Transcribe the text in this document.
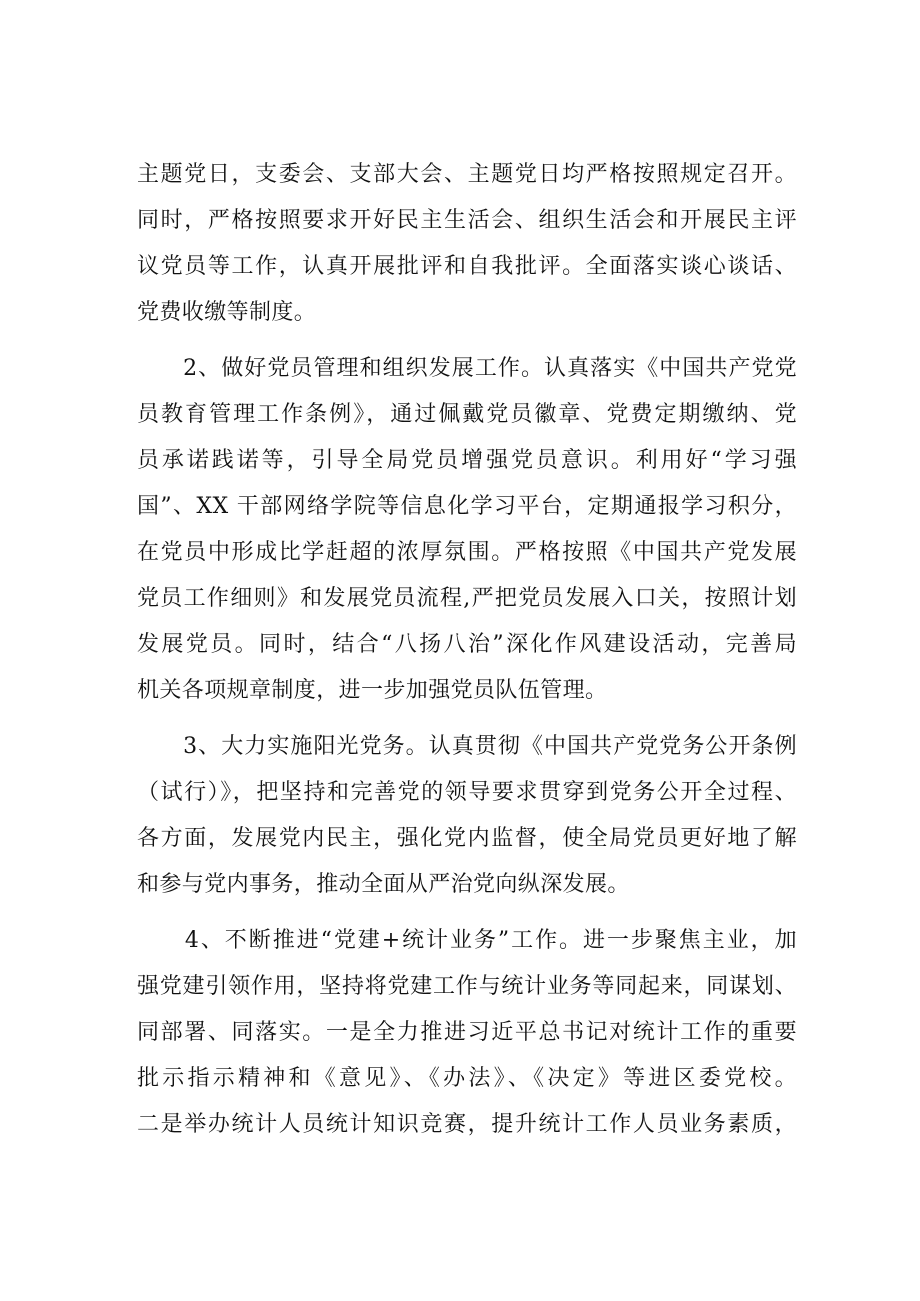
主题党日，支委会、支部大会、主题党日均严格按照规定召开。
同时，严格按照要求开好民主生活会、组织生活会和开展民主评
议党员等工作，认真开展批评和自我批评。全面落实谈心谈话、
党费收缴等制度。
　　2、做好党员管理和组织发展工作。认真落实《中国共产党党
员教育管理工作条例》，通过佩戴党员徽章、党费定期缴纳、党
员承诺践诺等，引导全局党员增强党员意识。利用好“学习强
国”、XX 干部网络学院等信息化学习平台，定期通报学习积分，
在党员中形成比学赶超的浓厚氛围。严格按照《中国共产党发展
党员工作细则》和发展党员流程,严把党员发展入口关，按照计划
发展党员。同时，结合“八扬八治”深化作风建设活动，完善局
机关各项规章制度，进一步加强党员队伍管理。
　　3、大力实施阳光党务。认真贯彻《中国共产党党务公开条例
（试行）》，把坚持和完善党的领导要求贯穿到党务公开全过程、
各方面，发展党内民主，强化党内监督，使全局党员更好地了解
和参与党内事务，推动全面从严治党向纵深发展。
　　4、不断推进“党建+统计业务”工作。进一步聚焦主业，加
强党建引领作用，坚持将党建工作与统计业务等同起来，同谋划、
同部署、同落实。一是全力推进习近平总书记对统计工作的重要
批示指示精神和《意见》、《办法》、《决定》等进区委党校。
二是举办统计人员统计知识竞赛，提升统计工作人员业务素质，
